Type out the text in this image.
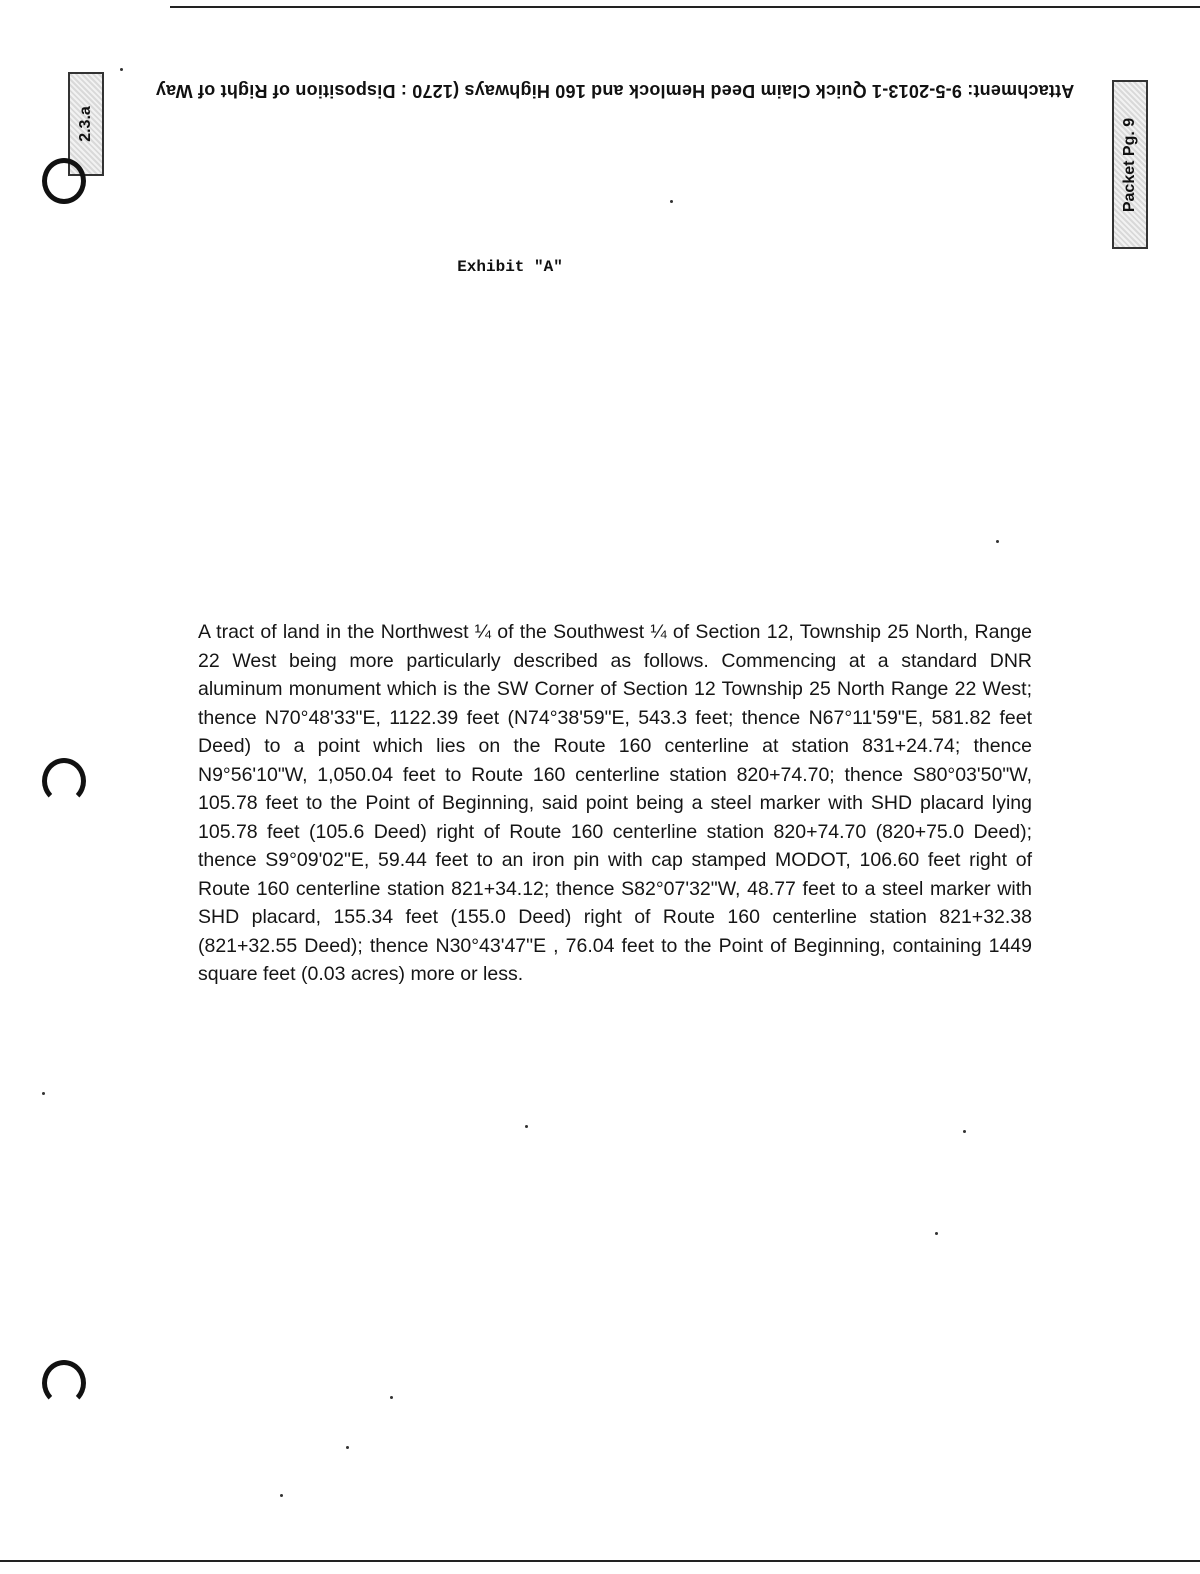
Attachment: 9-5-2013-1 Quick Claim Deed Hemlock and 160 Highways (1270 : Disposition of Right of Way
2.3.a	Packet Pg. 9
Exhibit "A"
A tract of land in the Northwest ¼ of the Southwest ¼ of Section 12, Township 25 North, Range 22 West being more particularly described as follows. Commencing at a standard DNR aluminum monument which is the SW Corner of Section 12 Township 25 North Range 22 West; thence N70°48'33"E, 1122.39 feet (N74°38'59"E, 543.3 feet; thence N67°11'59"E, 581.82 feet Deed) to a point which lies on the Route 160 centerline at station 831+24.74; thence N9°56'10"W, 1,050.04 feet to Route 160 centerline station 820+74.70; thence S80°03'50"W, 105.78 feet to the Point of Beginning, said point being a steel marker with SHD placard lying 105.78 feet (105.6 Deed) right of Route 160 centerline station 820+74.70 (820+75.0 Deed); thence S9°09'02"E, 59.44 feet to an iron pin with cap stamped MODOT, 106.60 feet right of Route 160 centerline station 821+34.12; thence S82°07'32"W, 48.77 feet to a steel marker with SHD placard, 155.34 feet (155.0 Deed) right of Route 160 centerline station 821+32.38 (821+32.55 Deed); thence N30°43'47"E , 76.04 feet to the Point of Beginning, containing 1449 square feet (0.03 acres) more or less.
